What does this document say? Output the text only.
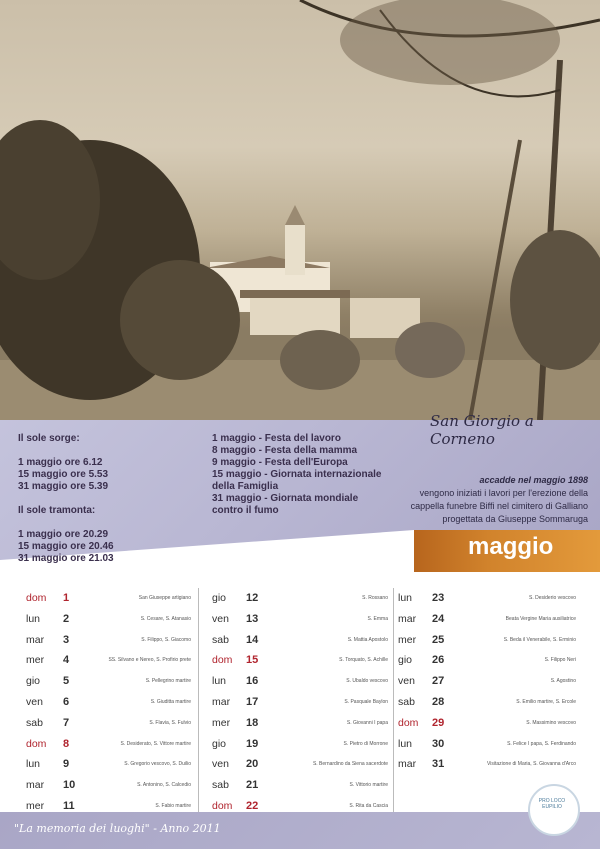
San Giorgio a Corneno
Il sole sorge:
1 maggio ore 6.12
15 maggio ore 5.53
31 maggio ore 5.39
Il sole tramonta:
1 maggio ore 20.29
15 maggio ore 20.46
31 maggio ore 21.03
1 maggio - Festa del lavoro
8 maggio - Festa della mamma
9 maggio - Festa dell'Europa
15 maggio - Giornata internazionale della Famiglia
31 maggio - Giornata mondiale contro il fumo
accadde nel maggio 1898
vengono iniziati i lavori per l'erezione della
cappella funebre Biffi nel cimitero di Galliano
progettata da Giuseppe Sommaruga
maggio
dom 1	San Giuseppe artigiano
lun 2	S. Cesare, S. Atanasio
mar 3	S. Filippo, S. Giacomo
mer 4	SS. Silvano e Nereo, S. Profirio prete
gio 5	S. Pellegrino martire
ven 6	S. Giuditta martire
sab 7	S. Flavia, S. Fulvio
dom 8	S. Desiderato, S. Vittore martire
lun 9	S. Gregorio vescovo, S. Duilio
mar 10	S. Antonino, S. Calcedio
mer 11	S. Fabio martire
gio 12	S. Rossano
ven 13	S. Emma
sab 14	S. Mattia Apostolo
dom 15	S. Torquato, S. Achille
lun 16	S. Ubaldo vescovo
mar 17	S. Pasquale Baylon
mer 18	S. Giovanni I papa
gio 19	S. Pietro di Morrone
ven 20	S. Bernardino da Siena sacerdote
sab 21	S. Vittorio martire
dom 22	S. Rita da Cascia
lun 23	S. Desiderio vescovo
mar 24	Beata Vergine Maria ausiliatrice
mer 25	S. Beda il Venerabile, S. Erminio
gio 26	S. Filippo Neri
ven 27	S. Agostino
sab 28	S. Emilio martire, S. Ercole
dom 29	S. Massimino vescovo
lun 30	S. Felice I papa, S. Ferdinando
mar 31	Visitazione di Maria, S. Giovanna d'Arco
"La memoria dei luoghi" - Anno 2011
PRO LOCO EUPILIO
